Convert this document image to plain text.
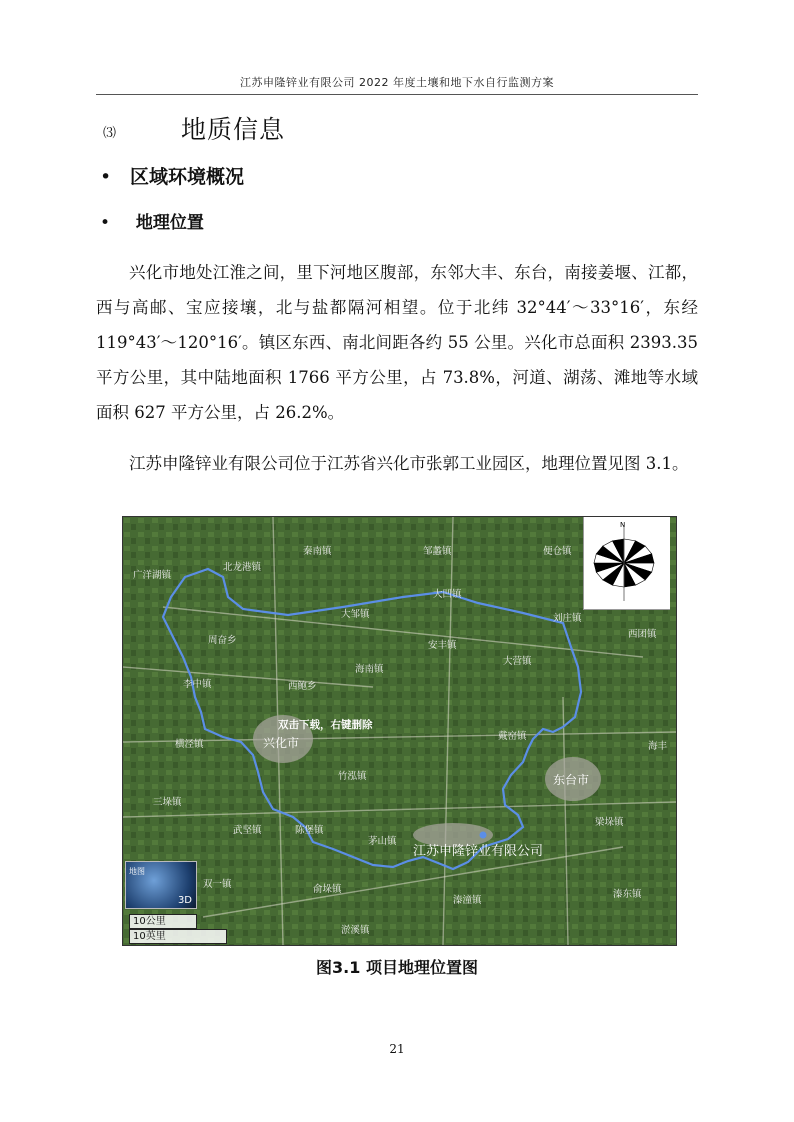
江苏申隆锌业有限公司 2022 年度土壤和地下水自行监测方案
⑶	地质信息
• 区域环境概况
• 地理位置
兴化市地处江淮之间，里下河地区腹部，东邻大丰、东台，南接姜堰、江都，西与高邮、宝应接壤，北与盐都隔河相望。位于北纬 32°44′～33°16′，东经 119°43′～120°16′。镇区东西、南北间距各约 55 公里。兴化市总面积 2393.35 平方公里，其中陆地面积 1766 平方公里，占 73.8%，河道、湖荡、滩地等水域面积 627 平方公里，占 26.2%。
江苏申隆锌业有限公司位于江苏省兴化市张郭工业园区，地理位置见图 3.1。
秦南镇	邹蠡镇	便仓镇
广洋湖镇
北龙港镇
大邹镇
大凹镇
刘庄镇
西团镇
周奋乡	安丰镇
大营镇
李中镇
海南镇
西鲍乡
兴化市	戴窑镇
海丰
横泾镇
竹泓镇	东台市
三垛镇
武坚镇	陈堡镇
茅山镇
梁垛镇
溱潼镇
俞垛镇
淤溪镇
溱东镇
双一镇
双击下载，右键删除
江苏申隆锌业有限公司
N
地图
3D
10公里
10英里
图3.1 项目地理位置图
21
